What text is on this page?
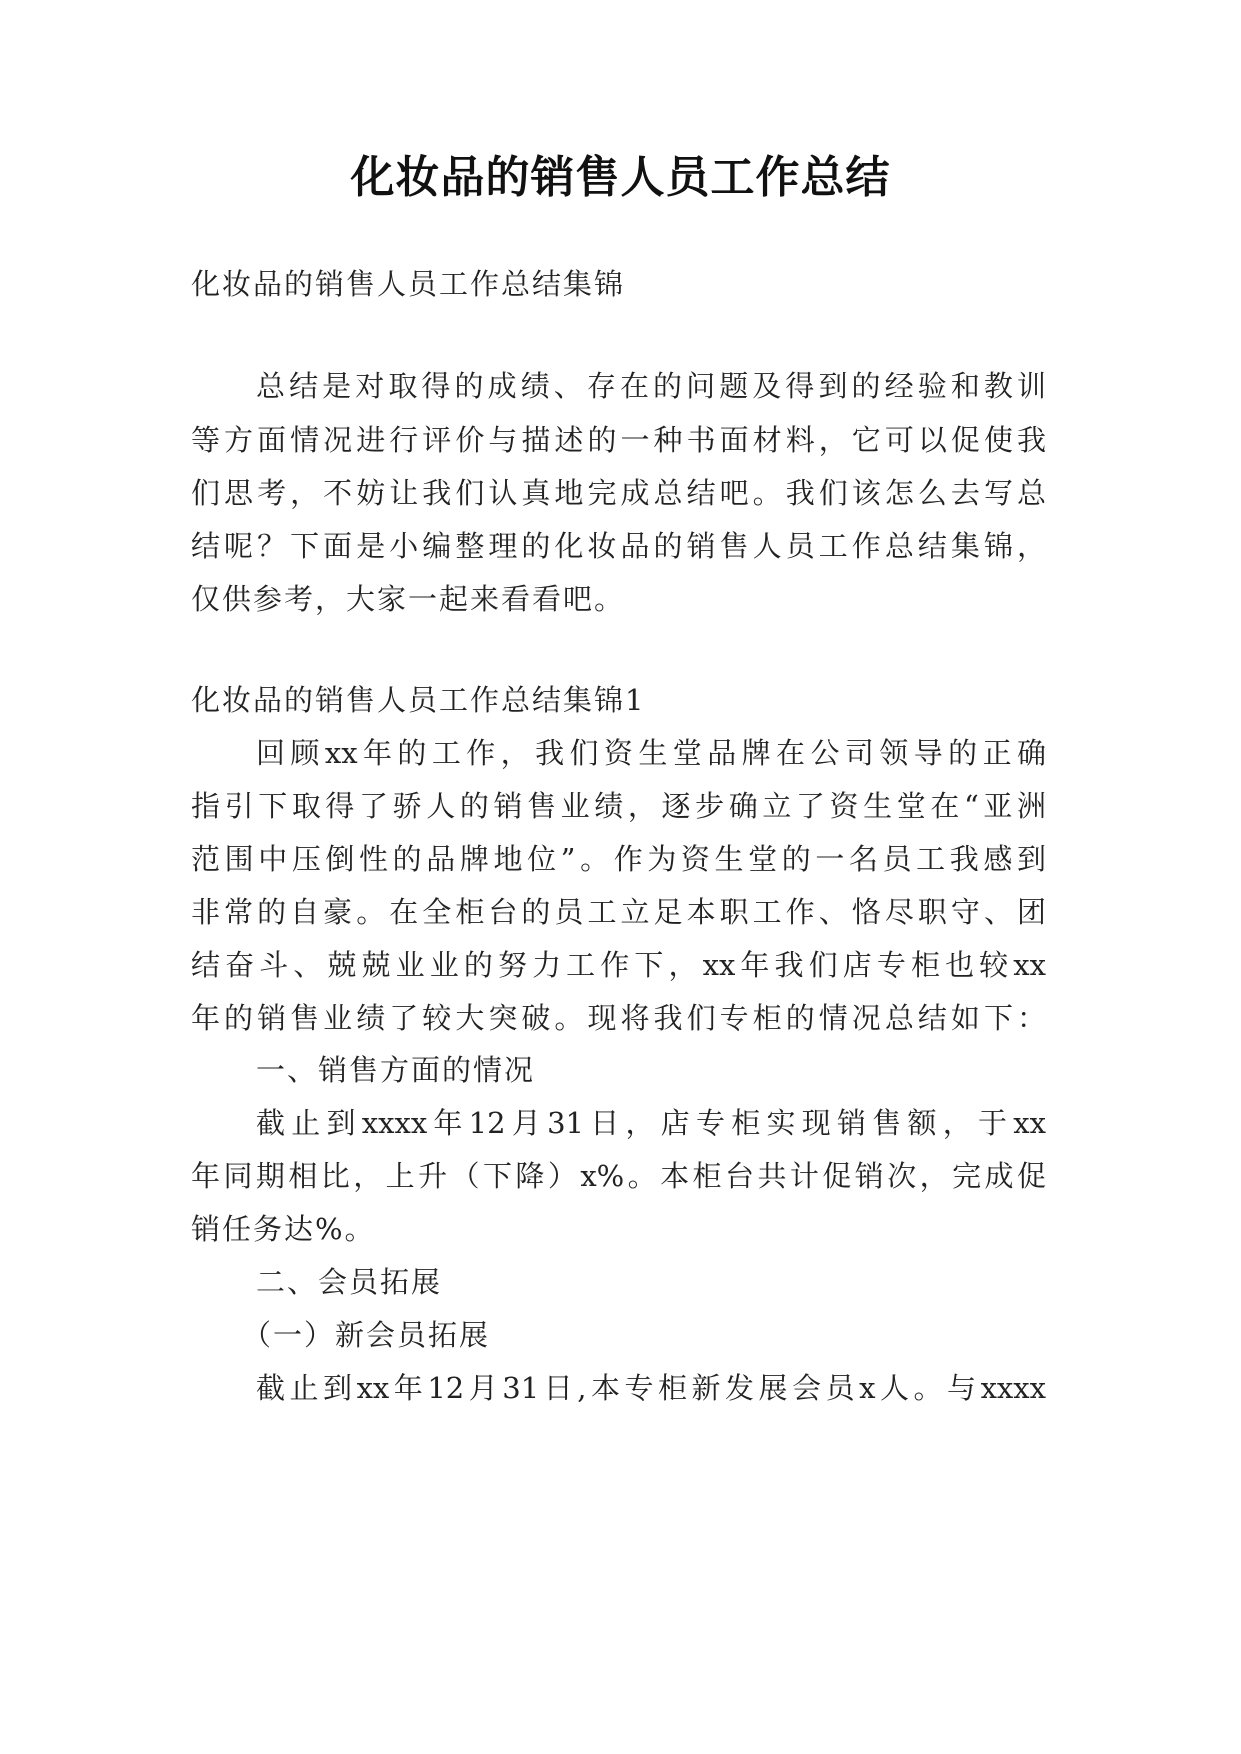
化妆品的销售人员工作总结
化妆品的销售人员工作总结集锦
总结是对取得的成绩、存在的问题及得到的经验和教训
等方面情况进行评价与描述的一种书面材料，它可以促使我
们思考，不妨让我们认真地完成总结吧。我们该怎么去写总
结呢？下面是小编整理的化妆品的销售人员工作总结集锦，
仅供参考，大家一起来看看吧。
化妆品的销售人员工作总结集锦1
回顾xx年的工作，我们资生堂品牌在公司领导的正确
指引下取得了骄人的销售业绩，逐步确立了资生堂在“亚洲
范围中压倒性的品牌地位”。作为资生堂的一名员工我感到
非常的自豪。在全柜台的员工立足本职工作、恪尽职守、团
结奋斗、兢兢业业的努力工作下，xx年我们店专柜也较xx
年的销售业绩了较大突破。现将我们专柜的情况总结如下：
一、销售方面的情况
截止到xxxx年12月31日，店专柜实现销售额，于xx
年同期相比，上升（下降）x%。本柜台共计促销次，完成促
销任务达%。
二、会员拓展
（一）新会员拓展
截止到xx年12月31日,本专柜新发展会员x人。与xxxx
